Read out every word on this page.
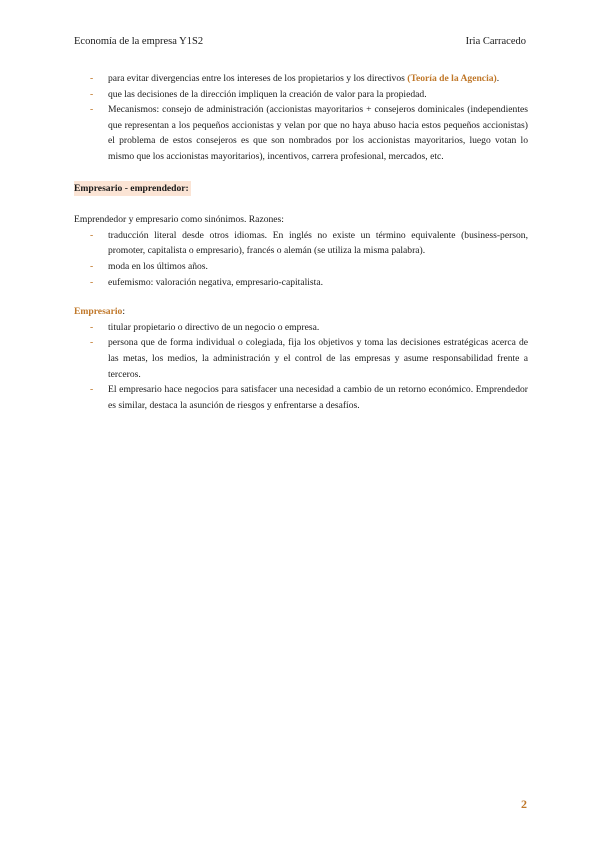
Economía de la empresa Y1S2	Iria Carracedo
- para evitar divergencias entre los intereses de los propietarios y los directivos (Teoría de la Agencia).
- que las decisiones de la dirección impliquen la creación de valor para la propiedad.
- Mecanismos: consejo de administración (accionistas mayoritarios + consejeros dominicales (independientes que representan a los pequeños accionistas y velan por que no haya abuso hacia estos pequeños accionistas) el problema de estos consejeros es que son nombrados por los accionistas mayoritarios, luego votan lo mismo que los accionistas mayoritarios), incentivos, carrera profesional, mercados, etc.
Empresario - emprendedor:

Emprendedor y empresario como sinónimos. Razones:

- traducción literal desde otros idiomas. En inglés no existe un término equivalente (business-person, promoter, capitalista o empresario), francés o alemán (se utiliza la misma palabra).
- moda en los últimos años.
- eufemismo: valoración negativa, empresario-capitalista.
Empresario:
- titular propietario o directivo de un negocio o empresa.
- persona que de forma individual o colegiada, fija los objetivos y toma las decisiones estratégicas acerca de las metas, los medios, la administración y el control de las empresas y asume responsabilidad frente a terceros.
- El empresario hace negocios para satisfacer una necesidad a cambio de un retorno económico. Emprendedor es similar, destaca la asunción de riesgos y enfrentarse a desafíos.
2
